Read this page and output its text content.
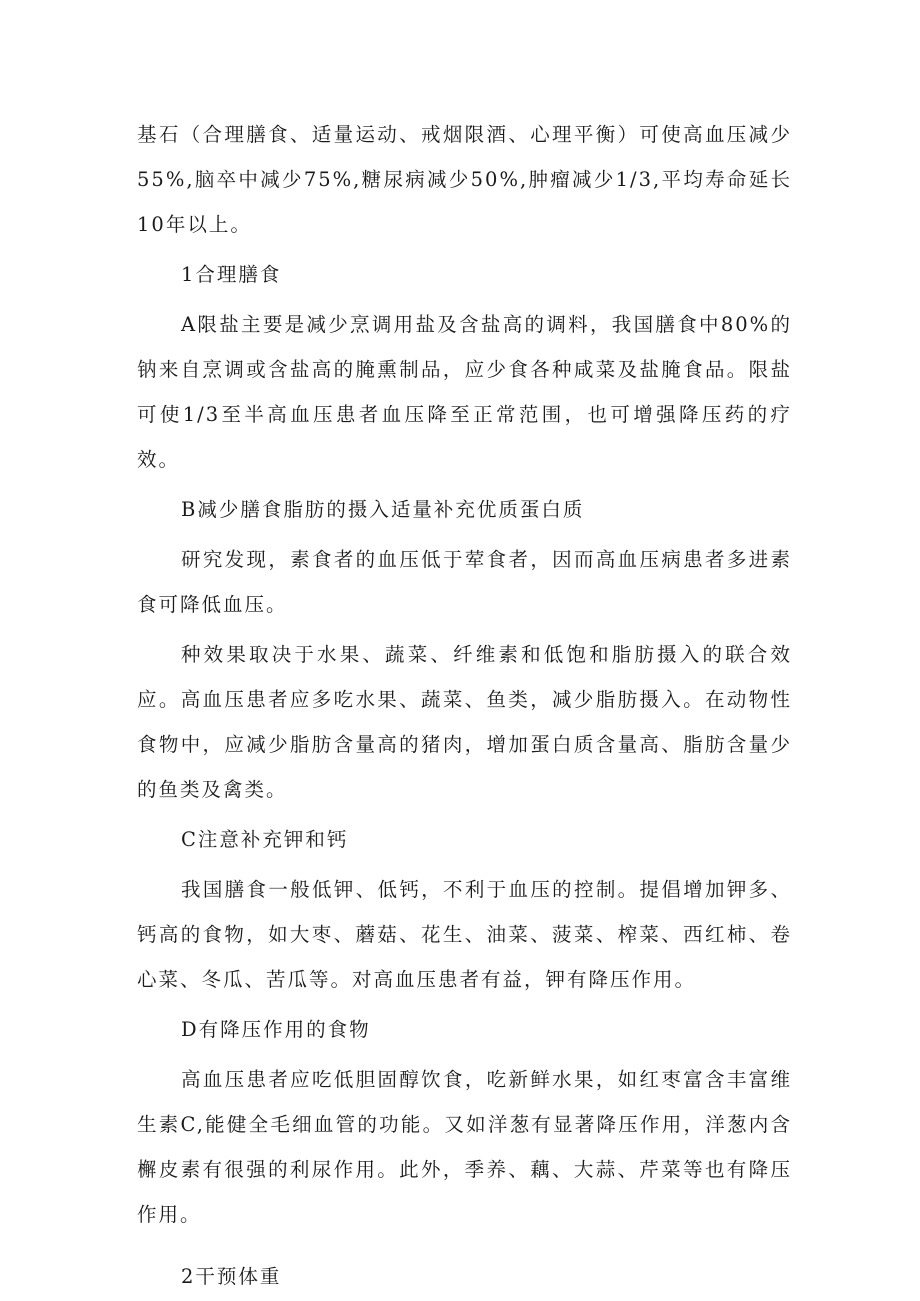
基石（合理膳食、适量运动、戒烟限酒、心理平衡）可使高血压减少55%,脑卒中减少75%,糖尿病减少50%,肿瘤减少1/3,平均寿命延长10年以上。

1合理膳食

A限盐主要是减少烹调用盐及含盐高的调料，我国膳食中80%的钠来自烹调或含盐高的腌熏制品，应少食各种咸菜及盐腌食品。限盐可使1/3至半高血压患者血压降至正常范围，也可增强降压药的疗效。

B减少膳食脂肪的摄入适量补充优质蛋白质

研究发现，素食者的血压低于荤食者，因而高血压病患者多进素食可降低血压。

种效果取决于水果、蔬菜、纤维素和低饱和脂肪摄入的联合效应。高血压患者应多吃水果、蔬菜、鱼类，减少脂肪摄入。在动物性食物中，应减少脂肪含量高的猪肉，增加蛋白质含量高、脂肪含量少的鱼类及禽类。

C注意补充钾和钙

我国膳食一般低钾、低钙，不利于血压的控制。提倡增加钾多、钙高的食物，如大枣、蘑菇、花生、油菜、菠菜、榨菜、西红柿、卷心菜、冬瓜、苦瓜等。对高血压患者有益，钾有降压作用。

D有降压作用的食物

高血压患者应吃低胆固醇饮食，吃新鲜水果，如红枣富含丰富维生素C,能健全毛细血管的功能。又如洋葱有显著降压作用，洋葱内含檞皮素有很强的利尿作用。此外，季养、藕、大蒜、芹菜等也有降压作用。

2干预体重
